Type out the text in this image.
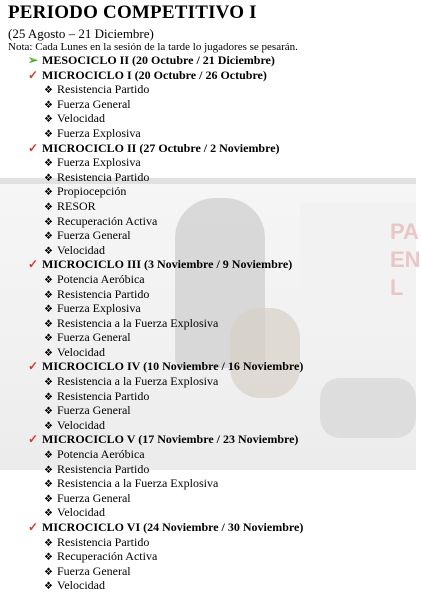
PA
EN
L
PERIODO COMPETITIVO I
(25 Agosto – 21 Diciembre)
Nota: Cada Lunes en la sesión de la tarde lo jugadores se pesarán.
➢ MESOCICLO II (20 Octubre / 21 Diciembre)
✓ MICROCICLO I (20 Octubre / 26 Octubre)
❖ Resistencia Partido
❖ Fuerza General
❖ Velocidad
❖ Fuerza Explosiva
✓ MICROCICLO II (27 Octubre / 2 Noviembre)
❖ Fuerza Explosiva
❖ Resistencia Partido
❖ Propiocepción
❖ RESOR
❖ Recuperación Activa
❖ Fuerza General
❖ Velocidad
✓ MICROCICLO III (3 Noviembre / 9 Noviembre)
❖ Potencia Aeróbica
❖ Resistencia Partido
❖ Fuerza Explosiva
❖ Resistencia a la Fuerza Explosiva
❖ Fuerza General
❖ Velocidad
✓ MICROCICLO IV (10 Noviembre / 16 Noviembre)
❖ Resistencia a la Fuerza Explosiva
❖ Resistencia Partido
❖ Fuerza General
❖ Velocidad
✓ MICROCICLO V (17 Noviembre / 23 Noviembre)
❖ Potencia Aeróbica
❖ Resistencia Partido
❖ Resistencia a la Fuerza Explosiva
❖ Fuerza General
❖ Velocidad
✓ MICROCICLO VI (24 Noviembre / 30 Noviembre)
❖ Resistencia Partido
❖ Recuperación Activa
❖ Fuerza General
❖ Velocidad
